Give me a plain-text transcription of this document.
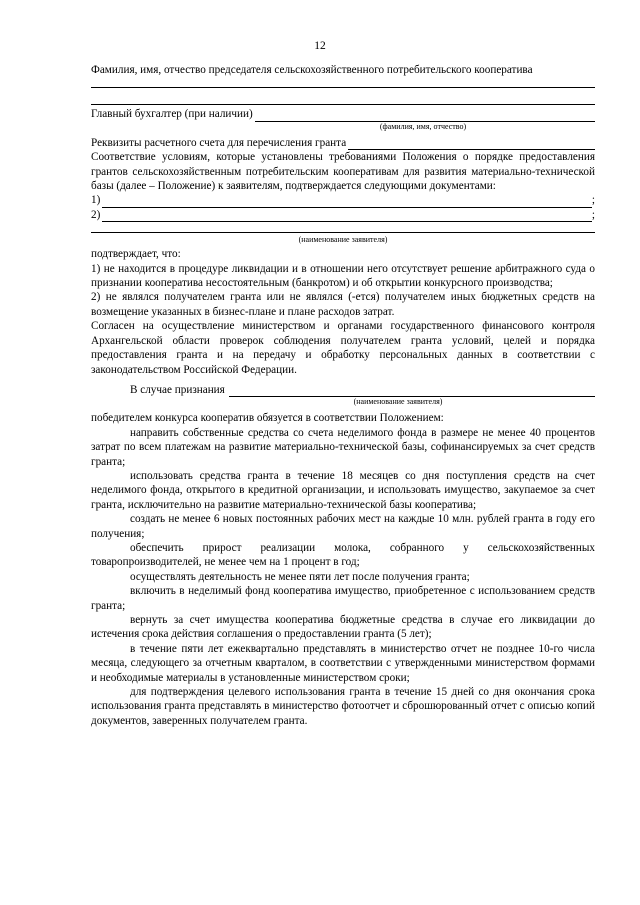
12

Фамилия, имя, отчество председателя сельскохозяйственного потребительского кооператива

Главный бухгалтер (при наличии)
(фамилия, имя, отчество)
Реквизиты расчетного счета для перечисления гранта

Соответствие условиям, которые установлены требованиями Положения о порядке предоставления грантов сельскохозяйственным потребительским кооперативам для развития материально-технической базы (далее – Положение) к заявителям, подтверждается следующими документами:

1)	;
2)	;
(наименование заявителя)

подтверждает, что:

1) не находится в процедуре ликвидации и в отношении него отсутствует решение арбитражного суда о признании кооператива несостоятельным (банкротом) и об открытии конкурсного производства;

2) не являлся получателем гранта или не являлся (-ется) получателем иных бюджетных средств на возмещение указанных в бизнес-плане и плане расходов затрат.

Согласен на осуществление министерством и органами государственного финансового контроля Архангельской области проверок соблюдения получателем гранта условий, целей и порядка предоставления гранта и на передачу и обработку персональных данных в соответствии с законодательством Российской Федерации.

В случае признания
(наименование заявителя)

победителем конкурса кооператив обязуется в соответствии Положением:

направить собственные средства со счета неделимого фонда в размере не менее 40 процентов затрат по всем платежам на развитие материально-технической базы, софинансируемых за счет средств гранта;

использовать средства гранта в течение 18 месяцев со дня поступления средств на счет неделимого фонда, открытого в кредитной организации, и использовать имущество, закупаемое за счет гранта, исключительно на развитие материально-технической базы кооператива;

создать не менее 6 новых постоянных рабочих мест на каждые 10 млн. рублей гранта в году его получения;

обеспечить прирост реализации молока, собранного у сельскохозяйственных товаропроизводителей, не менее чем на 1 процент в год;

осуществлять деятельность не менее пяти лет после получения гранта;

включить в неделимый фонд кооператива имущество, приобретенное с использованием средств гранта;

вернуть за счет имущества кооператива бюджетные средства в случае его ликвидации до истечения срока действия соглашения о предоставлении гранта (5 лет);

в течение пяти лет ежеквартально представлять в министерство отчет не позднее 10-го числа месяца, следующего за отчетным кварталом, в соответствии с утвержденными министерством формами и необходимые материалы в установленные министерством сроки;

для подтверждения целевого использования гранта в течение 15 дней со дня окончания срока использования гранта представлять в министерство фотоотчет и сброшюрованный отчет с описью копий документов, заверенных получателем гранта.
